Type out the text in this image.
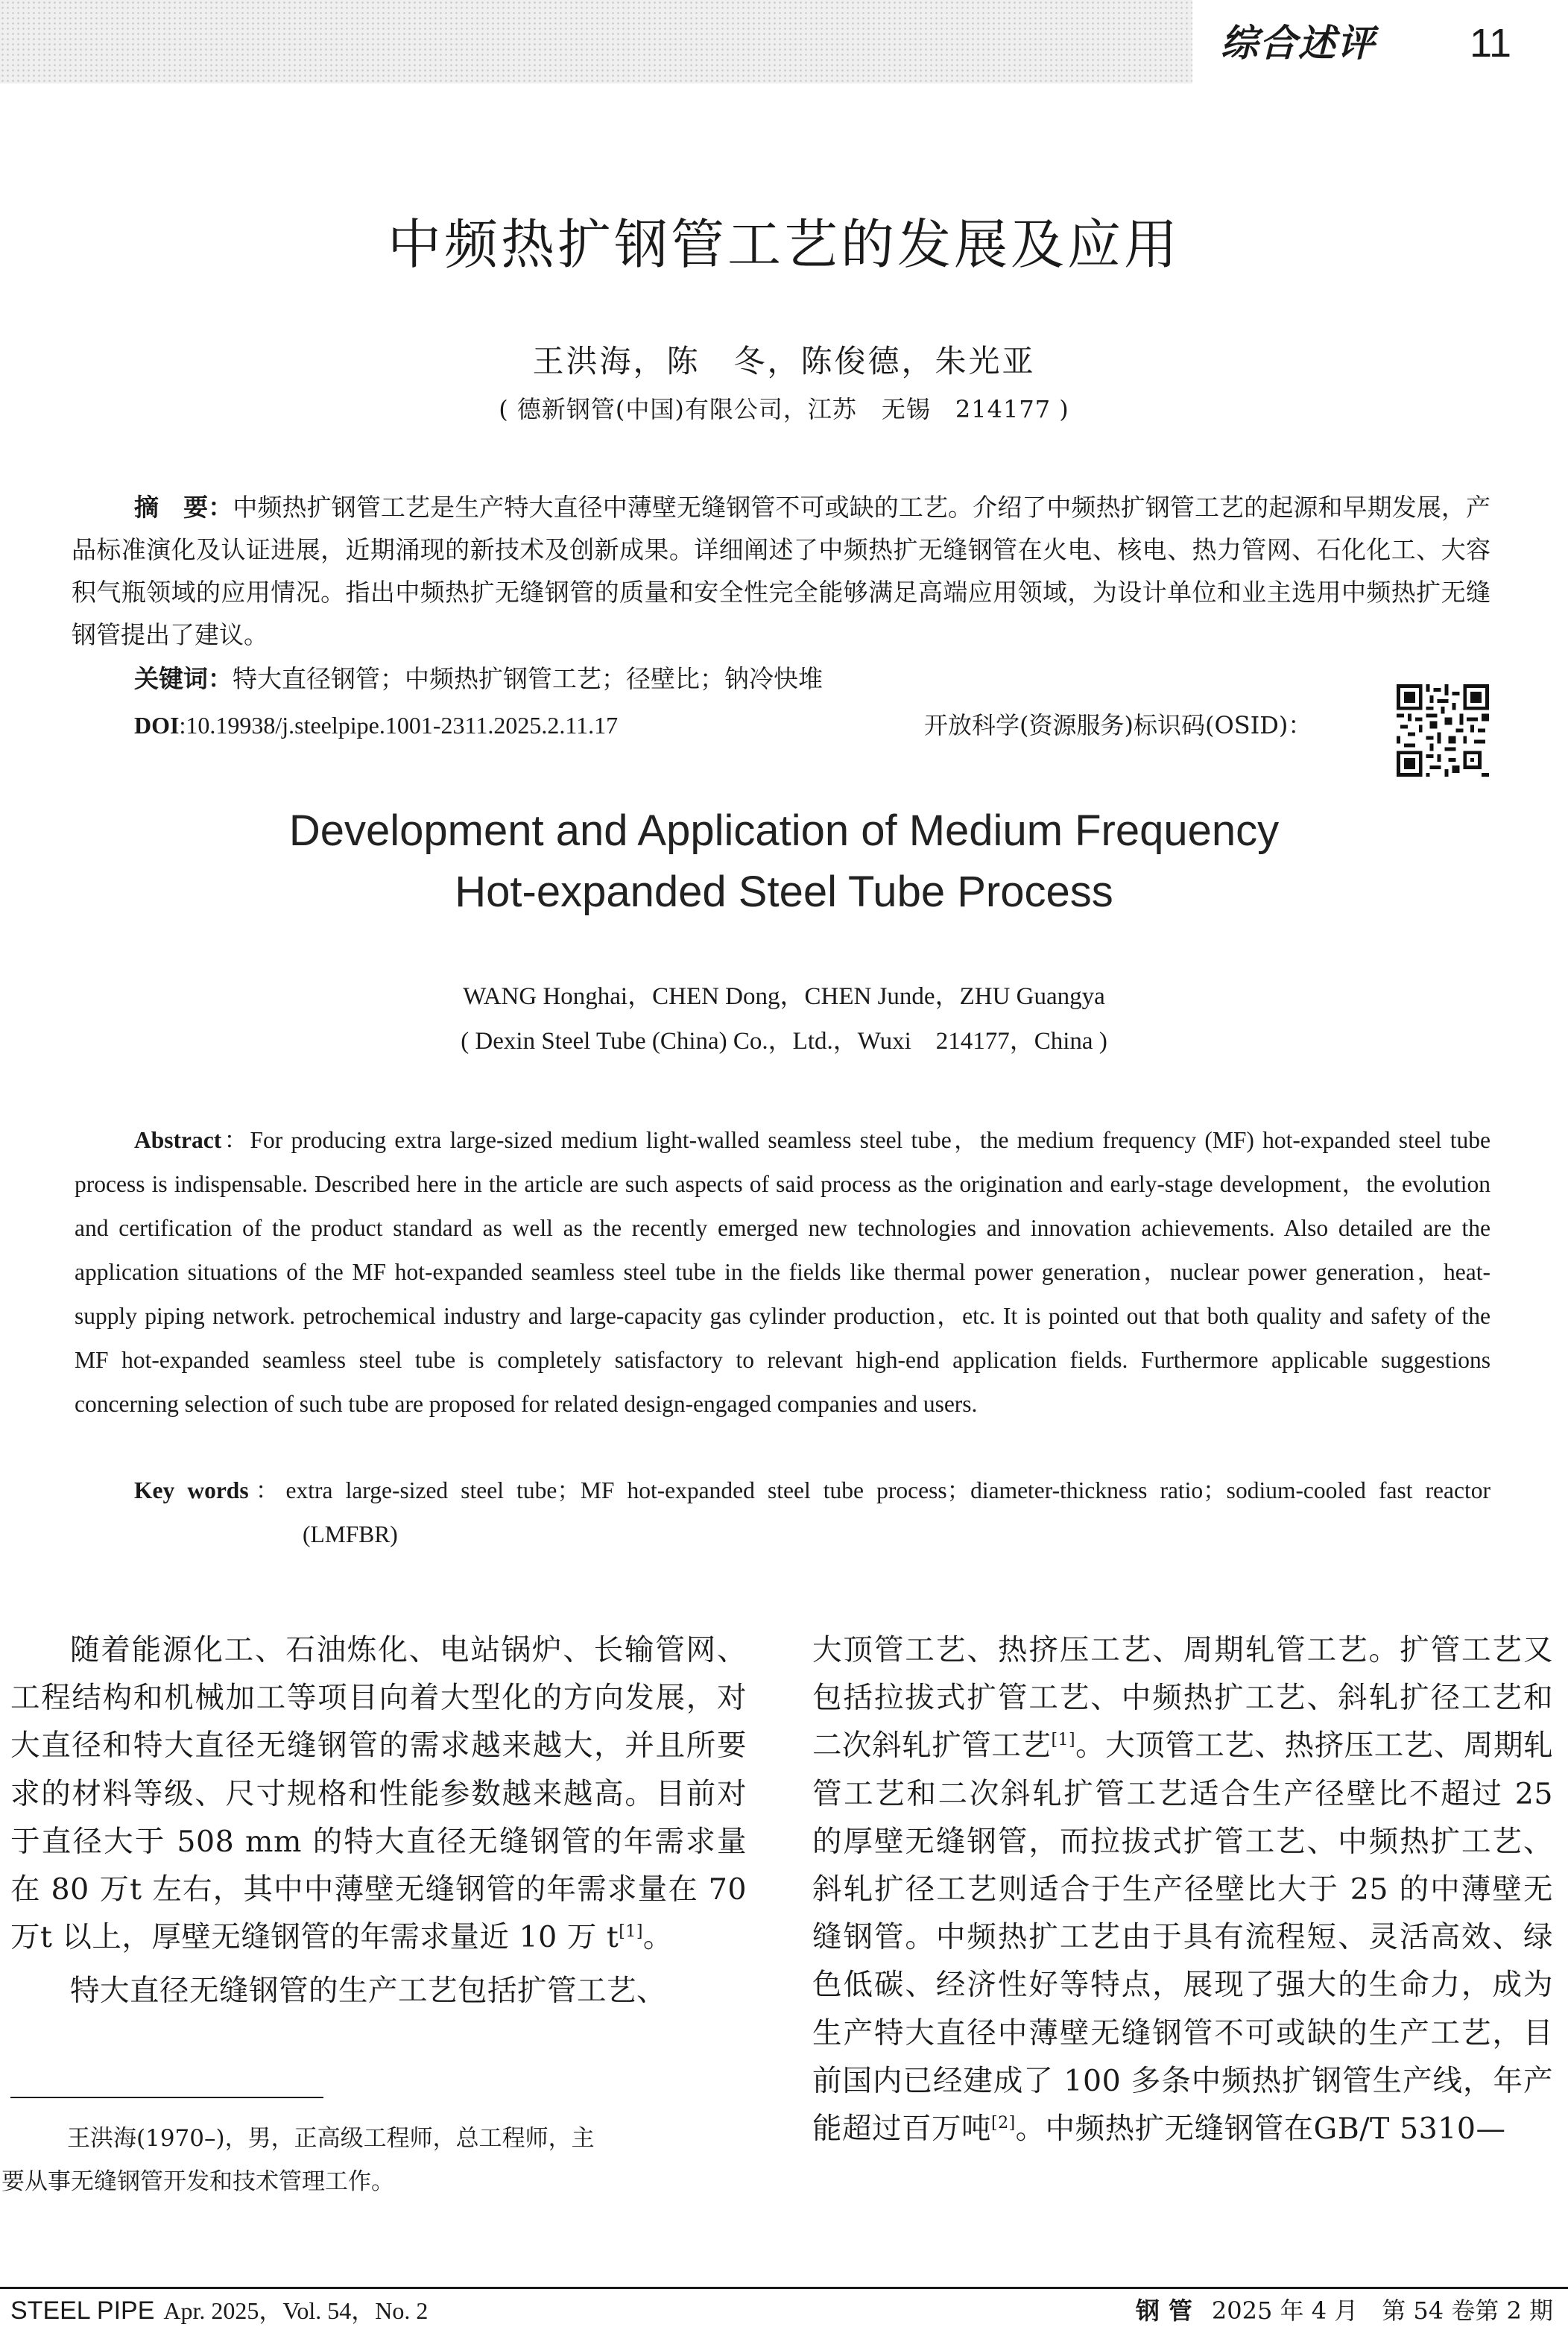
综合述评 11
中频热扩钢管工艺的发展及应用
王洪海，陈　冬，陈俊德，朱光亚
( 德新钢管(中国)有限公司，江苏　无锡　214177 )
摘　要：中频热扩钢管工艺是生产特大直径中薄壁无缝钢管不可或缺的工艺。介绍了中频热扩钢管工艺的起源和早期发展，产品标准演化及认证进展，近期涌现的新技术及创新成果。详细阐述了中频热扩无缝钢管在火电、核电、热力管网、石化化工、大容积气瓶领域的应用情况。指出中频热扩无缝钢管的质量和安全性完全能够满足高端应用领域，为设计单位和业主选用中频热扩无缝钢管提出了建议。
关键词：特大直径钢管；中频热扩钢管工艺；径壁比；钠冷快堆
DOI:10.19938/j.steelpipe.1001-2311.2025.2.11.17	开放科学(资源服务)标识码(OSID)：
Development and Application of Medium Frequency
Hot-expanded Steel Tube Process
WANG Honghai，CHEN Dong，CHEN Junde，ZHU Guangya
( Dexin Steel Tube (China) Co.，Ltd.，Wuxi　214177，China )
Abstract：For producing extra large-sized medium light-walled seamless steel tube，the medium frequency (MF) hot-expanded steel tube process is indispensable. Described here in the article are such aspects of said process as the origination and early-stage development，the evolution and certification of the product standard as well as the recently emerged new technologies and innovation achievements. Also detailed are the application situations of the MF hot-expanded seamless steel tube in the fields like thermal power generation，nuclear power generation，heat-supply piping network. petrochemical industry and large-capacity gas cylinder production，etc. It is pointed out that both quality and safety of the MF hot-expanded seamless steel tube is completely satisfactory to relevant high-end application fields. Furthermore applicable suggestions concerning selection of such tube are proposed for related design-engaged companies and users.
Key words：extra large-sized steel tube；MF hot-expanded steel tube process；diameter-thickness ratio；sodium-cooled fast reactor (LMFBR)

随着能源化工、石油炼化、电站锅炉、长输管网、工程结构和机械加工等项目向着大型化的方向发展，对大直径和特大直径无缝钢管的需求越来越大，并且所要求的材料等级、尺寸规格和性能参数越来越高。目前对于直径大于 508 mm 的特大直径无缝钢管的年需求量在 80 万t 左右，其中中薄壁无缝钢管的年需求量在 70 万t 以上，厚壁无缝钢管的年需求量近 10 万 t[1]。

特大直径无缝钢管的生产工艺包括扩管工艺、

大顶管工艺、热挤压工艺、周期轧管工艺。扩管工艺又包括拉拔式扩管工艺、中频热扩工艺、斜轧扩径工艺和二次斜轧扩管工艺[1]。大顶管工艺、热挤压工艺、周期轧管工艺和二次斜轧扩管工艺适合生产径壁比不超过 25 的厚壁无缝钢管，而拉拔式扩管工艺、中频热扩工艺、斜轧扩径工艺则适合于生产径壁比大于 25 的中薄壁无缝钢管。中频热扩工艺由于具有流程短、灵活高效、绿色低碳、经济性好等特点，展现了强大的生命力，成为生产特大直径中薄壁无缝钢管不可或缺的生产工艺，目前国内已经建成了 100 多条中频热扩钢管生产线，年产能超过百万吨[2]。中频热扩无缝钢管在GB/T 5310—

王洪海(1970–)，男，正高级工程师，总工程师，主
要从事无缝钢管开发和技术管理工作。
STEEL PIPE Apr. 2025，Vol. 54，No. 2	钢管 2025 年 4 月　第 54 卷第 2 期
